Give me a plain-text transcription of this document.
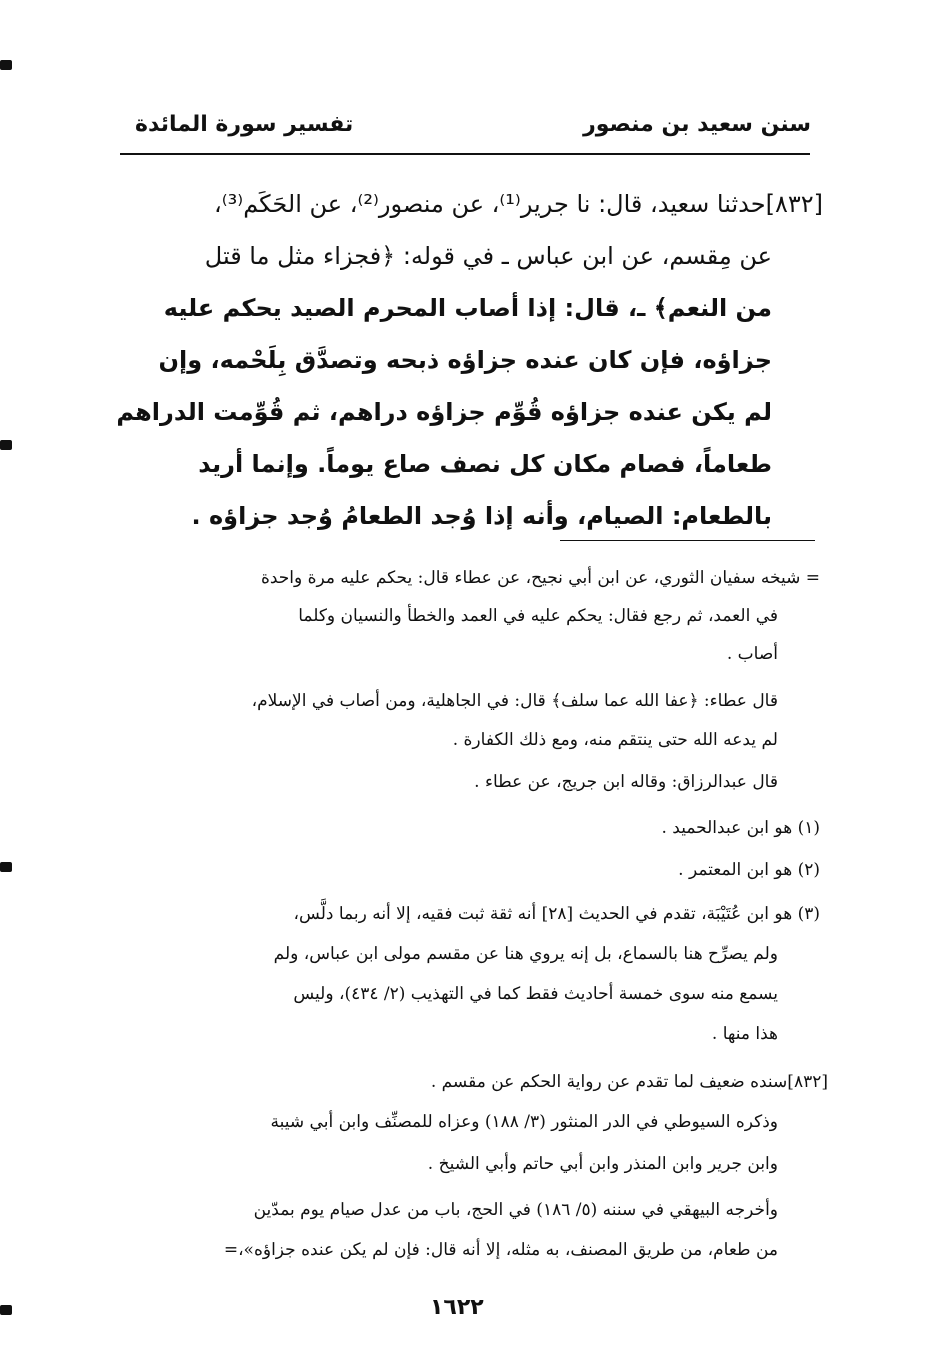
سنن سعيد بن منصور
تفسير سورة المائدة
[٨٣٢]حدثنا سعيد، قال: نا جرير⁽¹⁾، عن منصور⁽²⁾، عن الحَكَم⁽³⁾،
عن مِقسم، عن ابن عباس ـ في قوله: ﴿فجزاء مثل ما قتل
من النعم﴾ ـ، قال: إذا أصاب المحرم الصيد يحكم عليه
جزاؤه، فإن كان عنده جزاؤه ذبحه وتصدَّق بِلَحْمه، وإن
لم يكن عنده جزاؤه قُوِّم جزاؤه دراهم، ثم قُوِّمت الدراهم
طعاماً، فصام مكان كل نصف صاع يوماً. وإنما أريد
بالطعام: الصيام، وأنه إذا وُجد الطعامُ وُجد جزاؤه .
= شيخه سفيان الثوري، عن ابن أبي نجيح، عن عطاء قال: يحكم عليه مرة واحدة
في العمد، ثم رجع فقال: يحكم عليه في العمد والخطأ والنسيان وكلما
أصاب .
قال عطاء: ﴿عفا الله عما سلف﴾ قال: في الجاهلية، ومن أصاب في الإسلام،
لم يدعه الله حتى ينتقم منه، ومع ذلك الكفارة .
قال عبدالرزاق: وقاله ابن جريج، عن عطاء .
(١) هو ابن عبدالحميد .
(٢) هو ابن المعتمر .
(٣) هو ابن عُتَيْبَة، تقدم في الحديث [٢٨] أنه ثقة ثبت فقيه، إلا أنه ربما دلَّس،
ولم يصرِّح هنا بالسماع، بل إنه يروي هنا عن مقسم مولى ابن عباس، ولم
يسمع منه سوى خمسة أحاديث فقط كما في التهذيب (٢/ ٤٣٤)، وليس
هذا منها .
[٨٣٢]سنده ضعيف لما تقدم عن رواية الحكم عن مقسم .
وذكره السيوطي في الدر المنثور (٣/ ١٨٨) وعزاه للمصنِّف وابن أبي شيبة
وابن جرير وابن المنذر وابن أبي حاتم وأبي الشيخ .
وأخرجه البيهقي في سننه (٥/ ١٨٦) في الحج، باب من عدل صيام يوم بمدّين
من طعام، من طريق المصنف، به مثله، إلا أنه قال: فإن لم يكن عنده جزاؤه»،=
١٦٢٢
